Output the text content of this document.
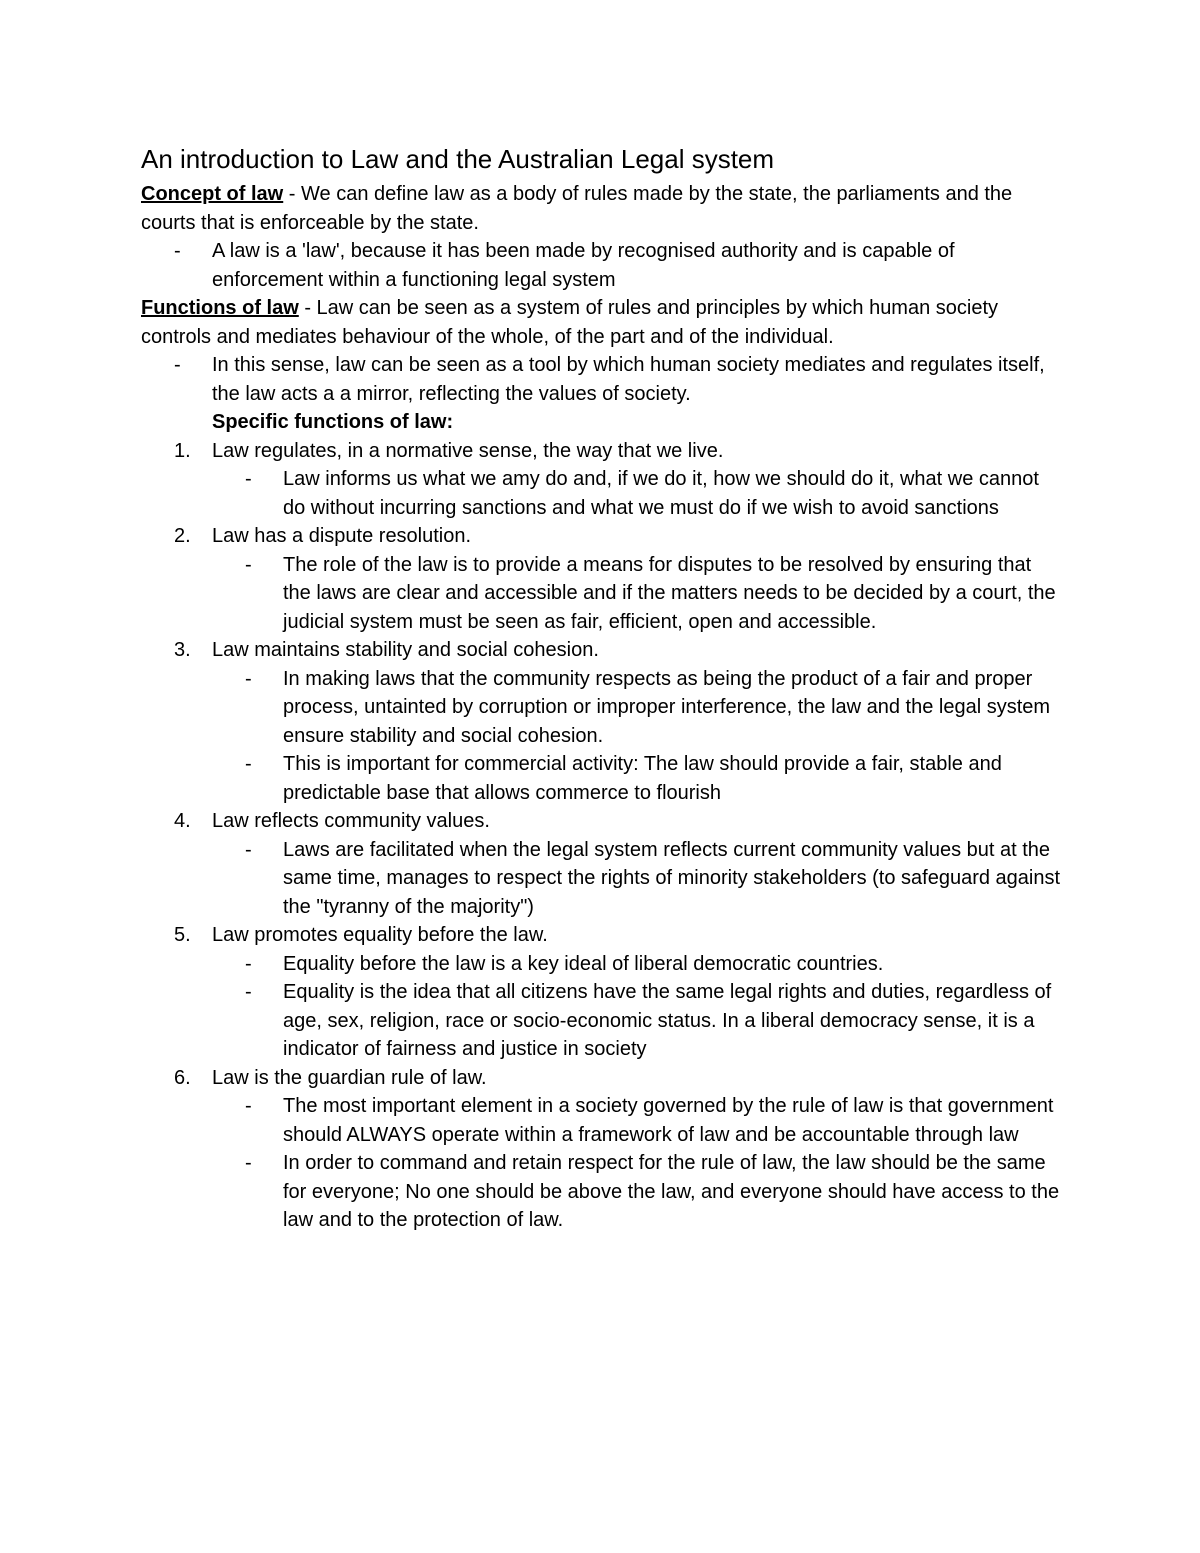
An introduction to Law and the Australian Legal system

Concept of law - We can define law as a body of rules made by the state, the parliaments and the courts that is enforceable by the state.

- A law is a 'law', because it has been made by recognised authority and is capable of enforcement within a functioning legal system

Functions of law - Law can be seen as a system of rules and principles by which human society controls and mediates behaviour of the whole, of the part and of the individual.

- In this sense, law can be seen as a tool by which human society mediates and regulates itself, the law acts a a mirror, reflecting the values of society.
Specific functions of law:
1. Law regulates, in a normative sense, the way that we live.
- Law informs us what we amy do and, if we do it, how we should do it, what we cannot do without incurring sanctions and what we must do if we wish to avoid sanctions
2. Law has a dispute resolution.
- The role of the law is to provide a means for disputes to be resolved by ensuring that the laws are clear and accessible and if the matters needs to be decided by a court, the judicial system must be seen as fair, efficient, open and accessible.
3. Law maintains stability and social cohesion.
- In making laws that the community respects as being the product of a fair and proper process, untainted by corruption or improper interference, the law and the legal system ensure stability and social cohesion.
- This is important for commercial activity: The law should provide a fair, stable and predictable base that allows commerce to flourish
4. Law reflects community values.
- Laws are facilitated when the legal system reflects current community values but at the same time, manages to respect the rights of minority stakeholders (to safeguard against the "tyranny of the majority")
5. Law promotes equality before the law.
- Equality before the law is a key ideal of liberal democratic countries.
- Equality is the idea that all citizens have the same legal rights and duties, regardless of age, sex, religion, race or socio-economic status. In a liberal democracy sense, it is a indicator of fairness and justice in society
6. Law is the guardian rule of law.
- The most important element in a society governed by the rule of law is that government should ALWAYS operate within a framework of law and be accountable through law
- In order to command and retain respect for the rule of law, the law should be the same for everyone; No one should be above the law, and everyone should have access to the law and to the protection of law.
